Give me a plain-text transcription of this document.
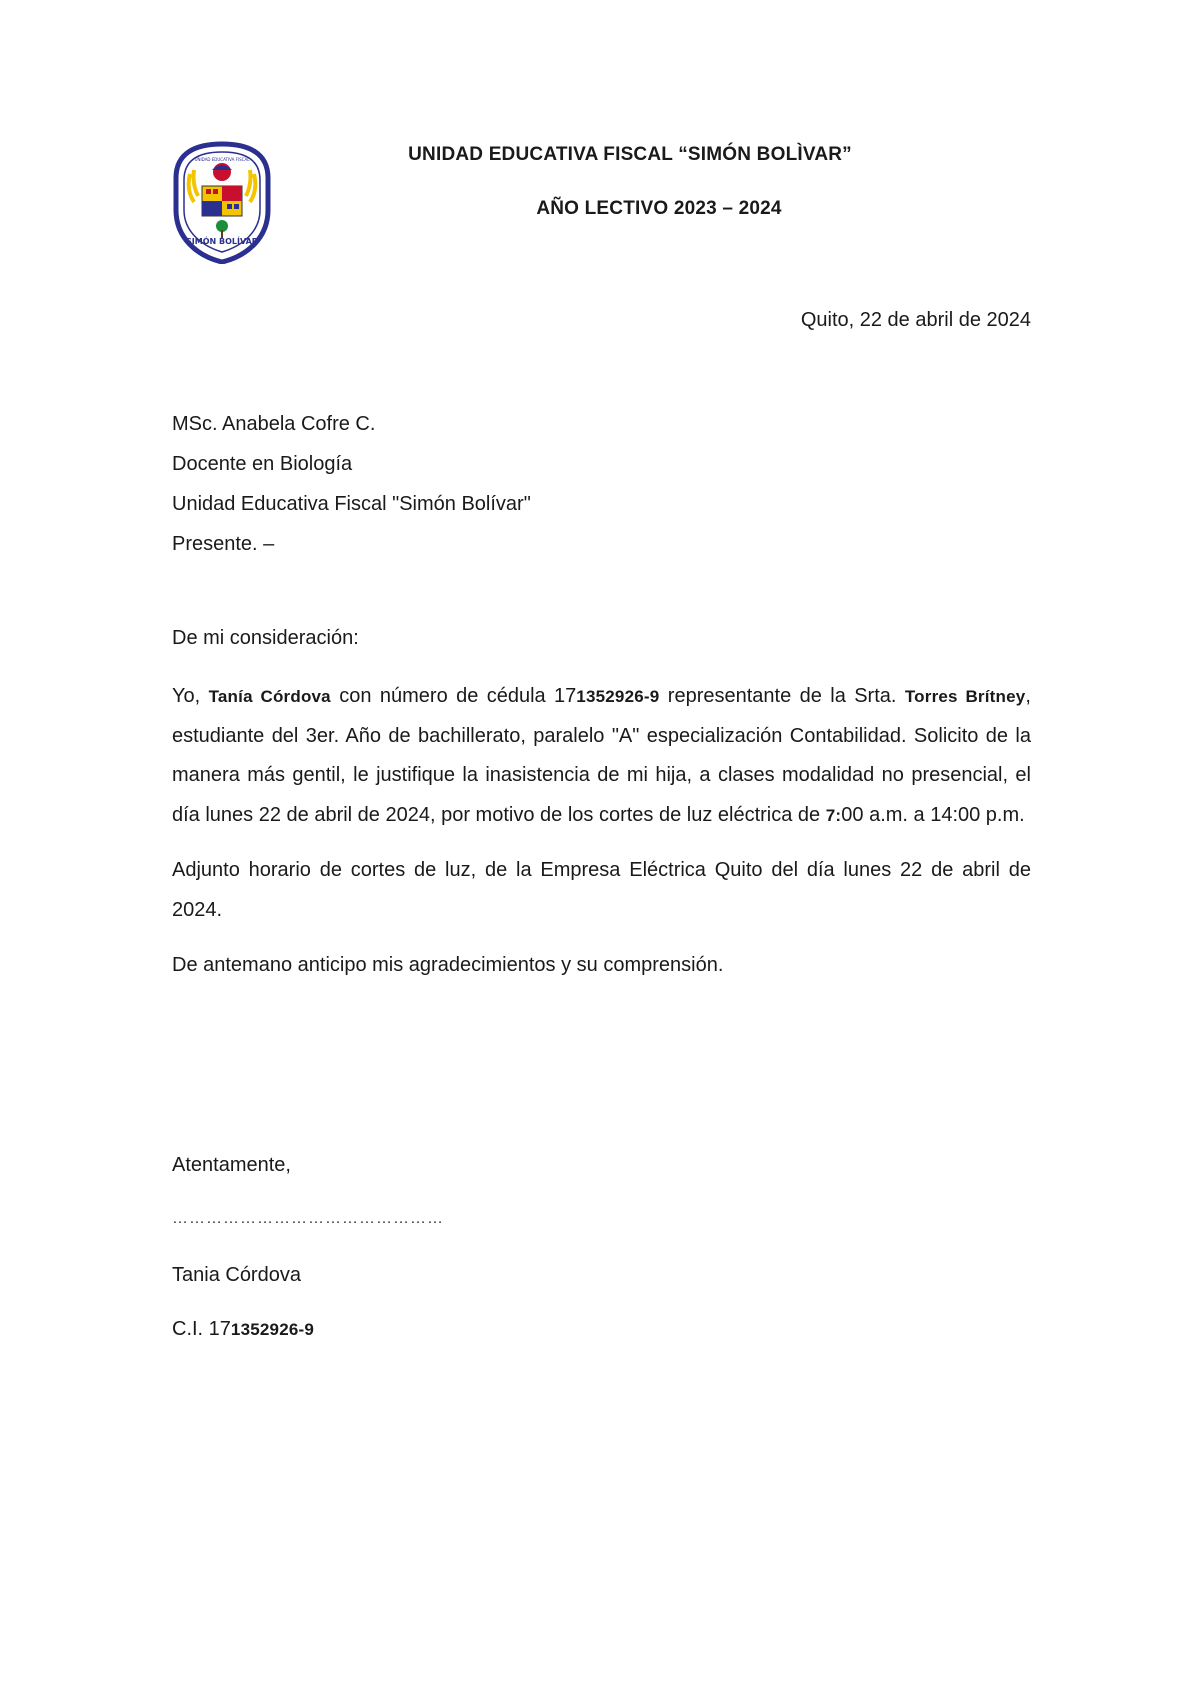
SIMÓN BOLÍVAR
UNIDAD EDUCATIVA FISCAL	UNIDAD EDUCATIVA FISCAL “SIMÓN BOLÌVAR”
AÑO LECTIVO 2023 – 2024
Quito, 22 de abril de 2024
MSc. Anabela Cofre C.
Docente en Biología
Unidad Educativa Fiscal "Simón Bolívar"
Presente. –
De mi consideración:

Yo, Tanía Córdova con número de cédula 171352926-9 representante de la Srta. Torres Brítney, estudiante del 3er. Año de bachillerato, paralelo "A" especialización Contabilidad. Solicito de la manera más gentil, le justifique la inasistencia de mi hija, a clases modalidad no presencial, el día lunes 22 de abril de 2024, por motivo de los cortes de luz eléctrica de 7:00 a.m. a 14:00 p.m.

Adjunto horario de cortes de luz, de la Empresa Eléctrica Quito del día lunes 22 de abril de 2024.

De antemano anticipo mis agradecimientos y su comprensión.

Atentamente,
…………………………………………
Tania Córdova
C.I. 171352926-9
